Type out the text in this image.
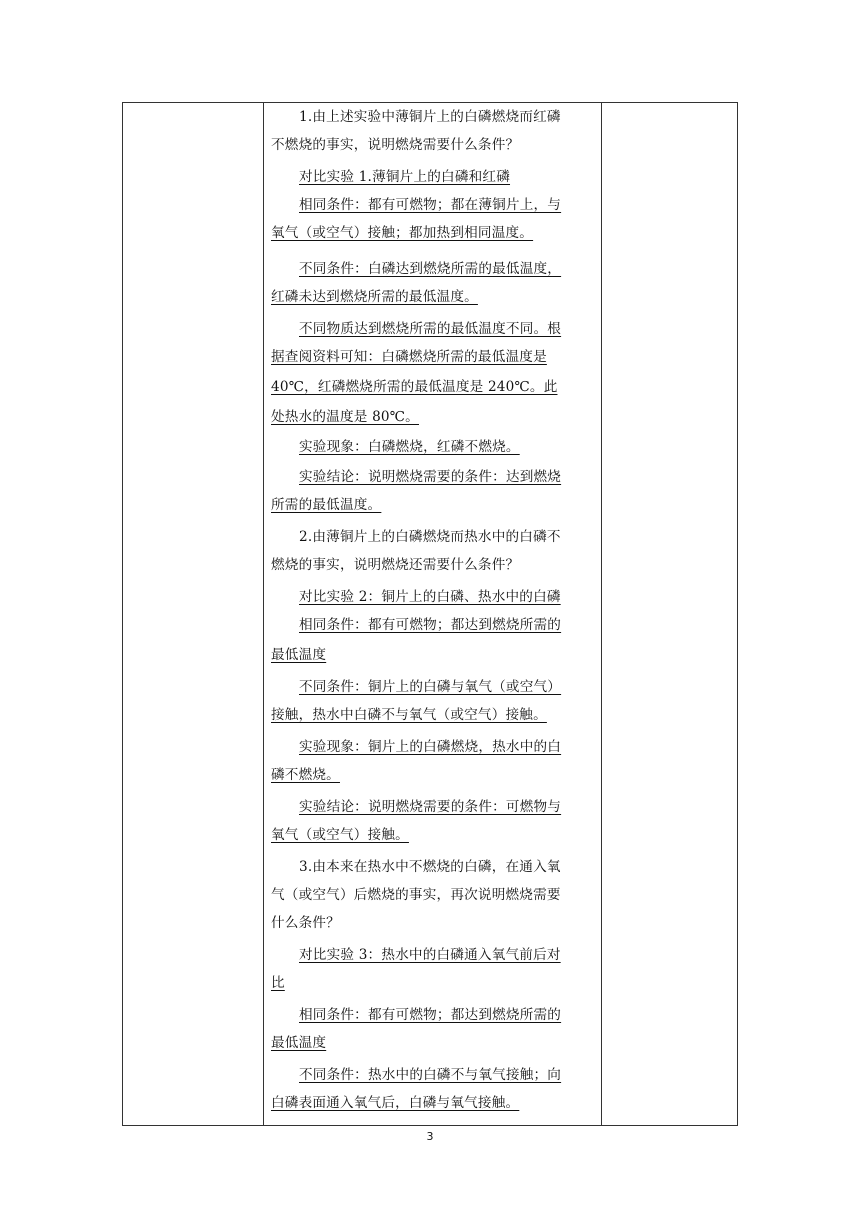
1.由上述实验中薄铜片上的白磷燃烧而红磷
不燃烧的事实，说明燃烧需要什么条件？
对比实验 1.薄铜片上的白磷和红磷
相同条件：都有可燃物；都在薄铜片上，与
氧气（或空气）接触；都加热到相同温度。
不同条件：白磷达到燃烧所需的最低温度，
红磷未达到燃烧所需的最低温度。
不同物质达到燃烧所需的最低温度不同。根
据查阅资料可知：白磷燃烧所需的最低温度是
40℃，红磷燃烧所需的最低温度是 240℃。此
处热水的温度是 80℃。
实验现象：白磷燃烧，红磷不燃烧。
实验结论：说明燃烧需要的条件：达到燃烧
所需的最低温度。
2.由薄铜片上的白磷燃烧而热水中的白磷不
燃烧的事实，说明燃烧还需要什么条件？
对比实验 2：铜片上的白磷、热水中的白磷
相同条件：都有可燃物；都达到燃烧所需的
最低温度
不同条件：铜片上的白磷与氧气（或空气）
接触，热水中白磷不与氧气（或空气）接触。
实验现象：铜片上的白磷燃烧，热水中的白
磷不燃烧。
实验结论：说明燃烧需要的条件：可燃物与
氧气（或空气）接触。
3.由本来在热水中不燃烧的白磷，在通入氧
气（或空气）后燃烧的事实，再次说明燃烧需要
什么条件？
对比实验 3：热水中的白磷通入氧气前后对
比
相同条件：都有可燃物；都达到燃烧所需的
最低温度
不同条件：热水中的白磷不与氧气接触；向
白磷表面通入氧气后，白磷与氧气接触。
3
